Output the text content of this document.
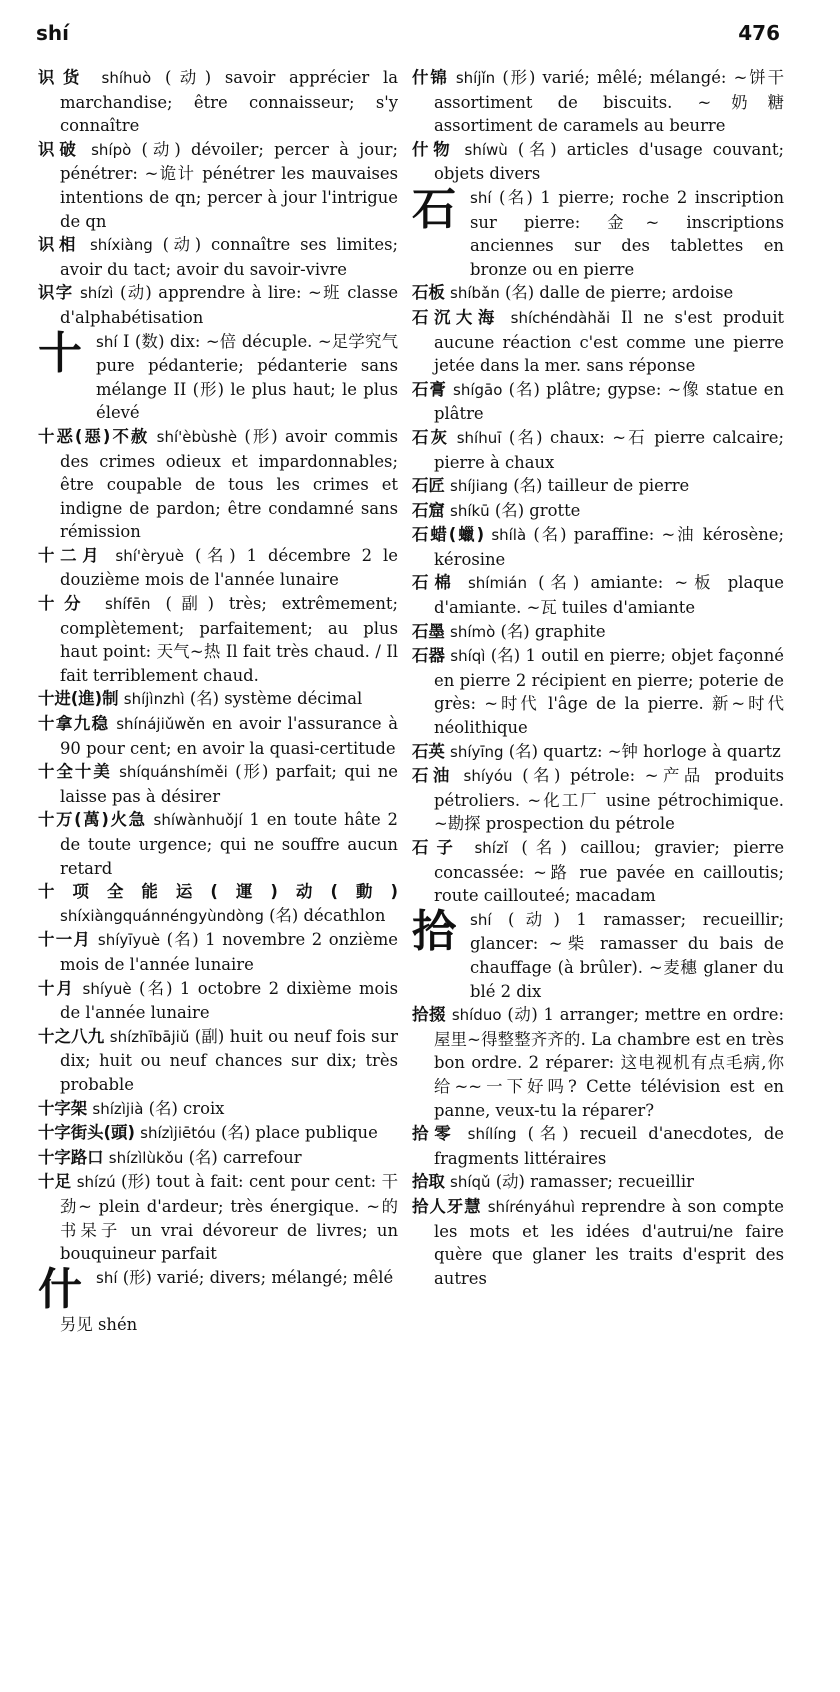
shí	476
识货 shíhuò (动) savoir apprécier la marchandise; être connaisseur; s'y connaître
识破 shípò (动) dévoiler; percer à jour; pénétrer: ~诡计 pénétrer les mauvaises intentions de qn; percer à jour l'intrigue de qn
识相 shíxiàng (动) connaître ses limites; avoir du tact; avoir du savoir-vivre
识字 shízì (动) apprendre à lire: ~班 classe d'alphabétisation
十 shí I (数) dix: ~倍 décuple. ~足学究气 pure pédanterie; pédanterie sans mélange II (形) le plus haut; le plus élevé
十恶(惡)不赦 shí'èbùshè (形) avoir commis des crimes odieux et impardonnables; être coupable de tous les crimes et indigne de pardon; être condamné sans rémission
十二月 shí'èryuè (名) 1 décembre 2 le douzième mois de l'année lunaire
十分 shífēn (副) très; extrêmement; complètement; parfaitement; au plus haut point: 天气~热 Il fait très chaud. / Il fait terriblement chaud.
十进(進)制 shíjìnzhì (名) système décimal
十拿九稳 shínájiǔwěn en avoir l'assurance à 90 pour cent; en avoir la quasi-certitude
十全十美 shíquánshíměi (形) parfait; qui ne laisse pas à désirer
十万(萬)火急 shíwànhuǒjí 1 en toute hâte 2 de toute urgence; qui ne souffre aucun retard
十项全能运(運)动(動) shíxiàngquánnéngyùndòng (名) décathlon
十一月 shíyīyuè (名) 1 novembre 2 onzième mois de l'année lunaire
十月 shíyuè (名) 1 octobre 2 dixième mois de l'année lunaire
十之八九 shízhībājiǔ (副) huit ou neuf fois sur dix; huit ou neuf chances sur dix; très probable
十字架 shízìjià (名) croix
十字街头(頭) shízìjiētóu (名) place publique
十字路口 shízìlùkǒu (名) carrefour
十足 shízú (形) tout à fait: cent pour cent: 干劲~ plein d'ardeur; très énergique. ~的书呆子 un vrai dévoreur de livres; un bouquineur parfait
什 shí (形) varié; divers; mélangé; mêlé
另见 shén
什锦 shíjǐn (形) varié; mêlé; mélangé: ~饼干 assortiment de biscuits. ~奶糖 assortiment de caramels au beurre
什物 shíwù (名) articles d'usage couvant; objets divers
石 shí (名) 1 pierre; roche 2 inscription sur pierre: 金~ inscriptions anciennes sur des tablettes en bronze ou en pierre
石板 shíbǎn (名) dalle de pierre; ardoise
石沉大海 shíchéndàhǎi Il ne s'est produit aucune réaction c'est comme une pierre jetée dans la mer. sans réponse
石膏 shígāo (名) plâtre; gypse: ~像 statue en plâtre
石灰 shíhuī (名) chaux: ~石 pierre calcaire; pierre à chaux
石匠 shíjiang (名) tailleur de pierre
石窟 shíkū (名) grotte
石蜡(蠟) shílà (名) paraffine: ~油 kérosène; kérosine
石棉 shímián (名) amiante: ~板 plaque d'amiante. ~瓦 tuiles d'amiante
石墨 shímò (名) graphite
石器 shíqì (名) 1 outil en pierre; objet façonné en pierre 2 récipient en pierre; poterie de grès: ~时代 l'âge de la pierre. 新~时代 néolithique
石英 shíyīng (名) quartz: ~钟 horloge à quartz
石油 shíyóu (名) pétrole: ~产品 produits pétroliers. ~化工厂 usine pétrochimique. ~勘探 prospection du pétrole
石子 shízǐ (名) caillou; gravier; pierre concassée: ~路 rue pavée en cailloutis; route caillouteé; macadam
拾 shí (动) 1 ramasser; recueillir; glancer: ~柴 ramasser du bais de chauffage (à brûler). ~麦穗 glaner du blé 2 dix
拾掇 shíduo (动) 1 arranger; mettre en ordre: 屋里~得整整齐齐的. La chambre est en très bon ordre. 2 réparer: 这电视机有点毛病,你给~~一下好吗? Cette télévision est en panne, veux-tu la réparer?
拾零 shílíng (名) recueil d'anecdotes, de fragments littéraires
拾取 shíqǔ (动) ramasser; recueillir
拾人牙慧 shírényáhuì reprendre à son compte les mots et les idées d'autrui/ne faire quère que glaner les traits d'esprit des autres
